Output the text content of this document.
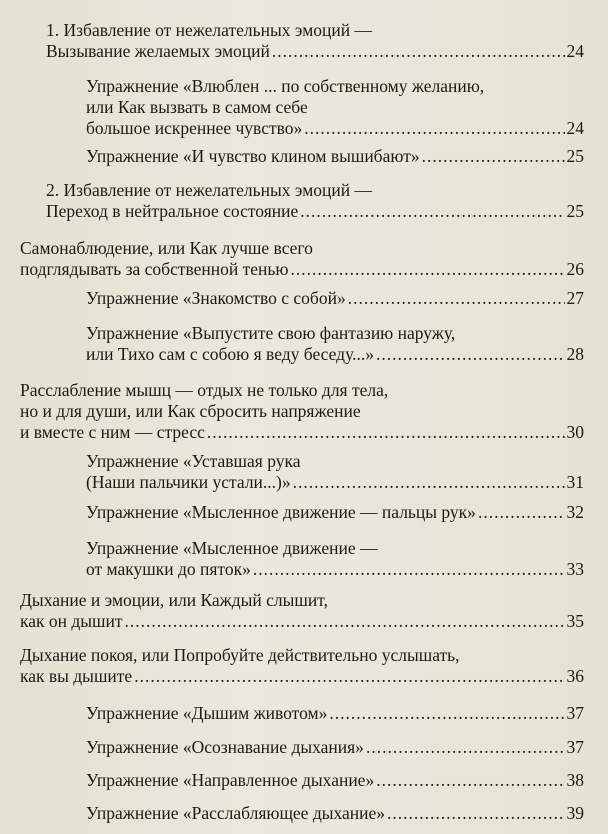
1. Избавление от нежелательных эмоций —
Вызывание желаемых эмоций .....	24
Упражнение «Влюблен ... по собственному желанию,
или Как вызвать в самом себе
большое искреннее чувство» .....	24
Упражнение «И чувство клином вышибают» .....	25
2. Избавление от нежелательных эмоций —
Переход в нейтральное состояние .....	25
Самонаблюдение, или Как лучше всего
подглядывать за собственной тенью .....	26
Упражнение «Знакомство с собой» .....	27
Упражнение «Выпустите свою фантазию наружу,
или Тихо сам с собою я веду беседу...» .....	28
Расслабление мышц — отдых не только для тела,
но и для души, или Как сбросить напряжение
и вместе с ним — стресс .....	30
Упражнение «Уставшая рука
(Наши пальчики устали...)» .....	31
Упражнение «Мысленное движение — пальцы рук» .....	32
Упражнение «Мысленное движение —
от макушки до пяток» .....	33
Дыхание и эмоции, или Каждый слышит,
как он дышит .....	35
Дыхание покоя, или Попробуйте действительно услышать,
как вы дышите .....	36
Упражнение «Дышим животом» .....	37
Упражнение «Осознавание дыхания» .....	37
Упражнение «Направленное дыхание» .....	38
Упражнение «Расслабляющее дыхание» .....	39
